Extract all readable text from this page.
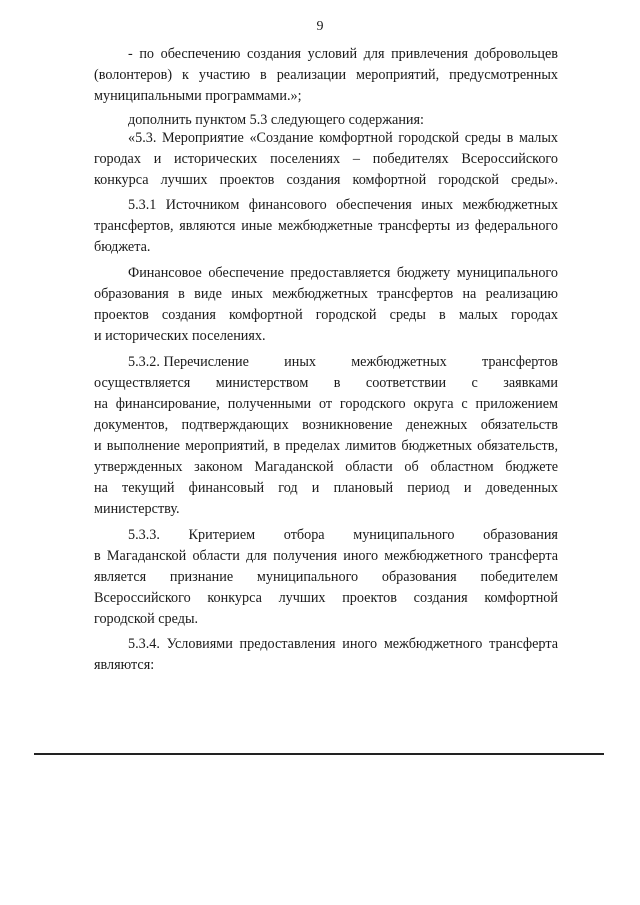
9
- по обеспечению создания условий для привлечения добровольцев
(волонтеров) к участию в реализации мероприятий, предусмотренных
муниципальными программами.»;
дополнить пунктом 5.3 следующего содержания:
«5.3. Мероприятие «Создание комфортной городской среды в малых
городах и исторических поселениях – победителях Всероссийского
конкурса лучших проектов создания комфортной городской среды».
5.3.1 Источником финансового обеспечения иных межбюджетных
трансфертов, являются иные межбюджетные трансферты из федерального
бюджета.
Финансовое обеспечение предоставляется бюджету муниципального
образования в виде иных межбюджетных трансфертов на реализацию
проектов создания комфортной городской среды в малых городах
и исторических поселениях.
5.3.2. Перечисление иных межбюджетных трансфертов
осуществляется министерством в соответствии с заявками
на финансирование, полученными от городского округа с приложением
документов, подтверждающих возникновение денежных обязательств
и выполнение мероприятий, в пределах лимитов бюджетных обязательств,
утвержденных законом Магаданской области об областном бюджете
на текущий финансовый год и плановый период и доведенных
министерству.
5.3.3. Критерием отбора муниципального образования
в Магаданской области для получения иного межбюджетного трансферта
является признание муниципального образования победителем
Всероссийского конкурса лучших проектов создания комфортной
городской среды.
5.3.4. Условиями предоставления иного межбюджетного трансферта
являются:
